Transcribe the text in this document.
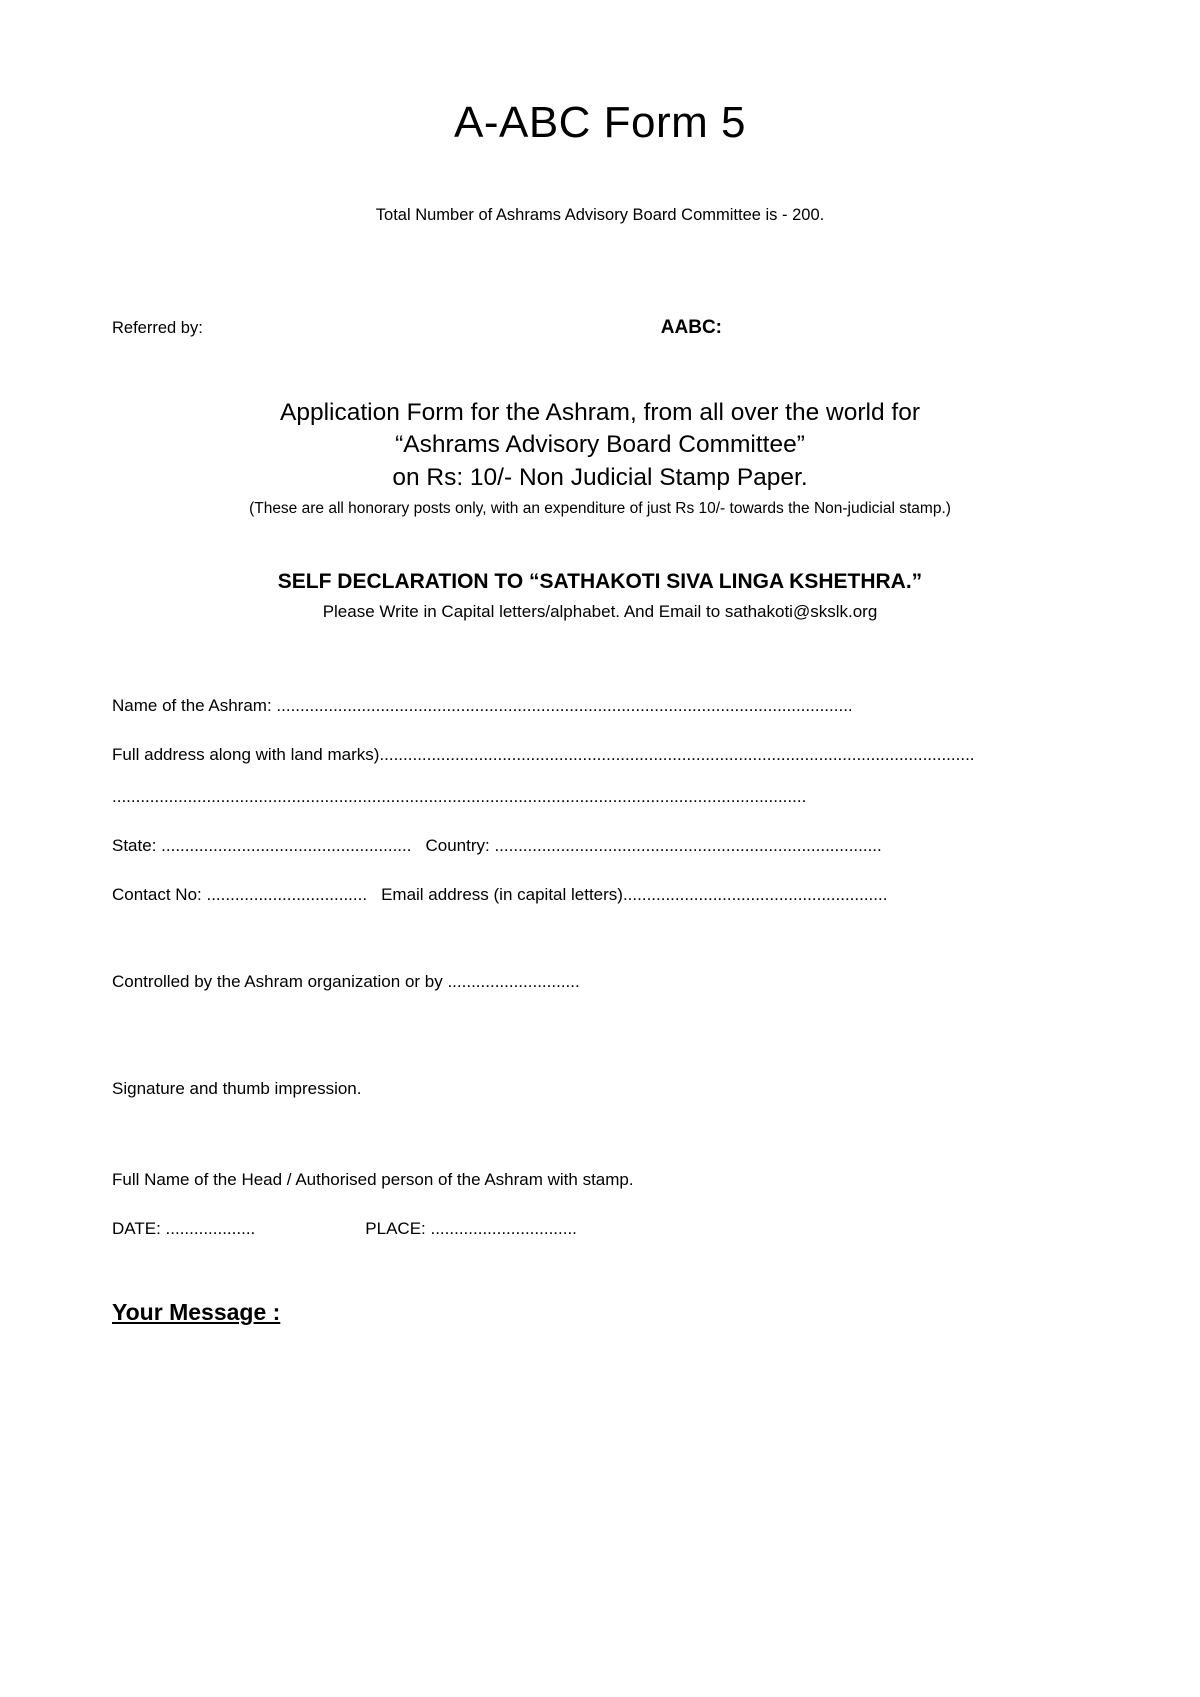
A-ABC Form 5
Total Number of Ashrams Advisory Board Committee is - 200.
Referred by:	AABC:
Application Form for the Ashram, from all over the world for
“Ashrams Advisory Board Committee”
on Rs: 10/- Non Judicial Stamp Paper.
(These are all honorary posts only, with an expenditure of just Rs 10/- towards the Non-judicial stamp.)
SELF DECLARATION TO “SATHAKOTI SIVA LINGA KSHETHRA.”
Please Write in Capital letters/alphabet. And Email to sathakoti@skslk.org
Name of the Ashram: ..........................................................................................................................
Full address along with land marks)..............................................................................................................................
...................................................................................................................................................
State: ..................................................... Country: ..................................................................................
Contact No: .................................. Email address (in capital letters)........................................................
Controlled by the Ashram organization or by ............................
Signature and thumb impression.
Full Name of the Head / Authorised person of the Ashram with stamp.
DATE: ...................	PLACE: ...............................
Your Message :
